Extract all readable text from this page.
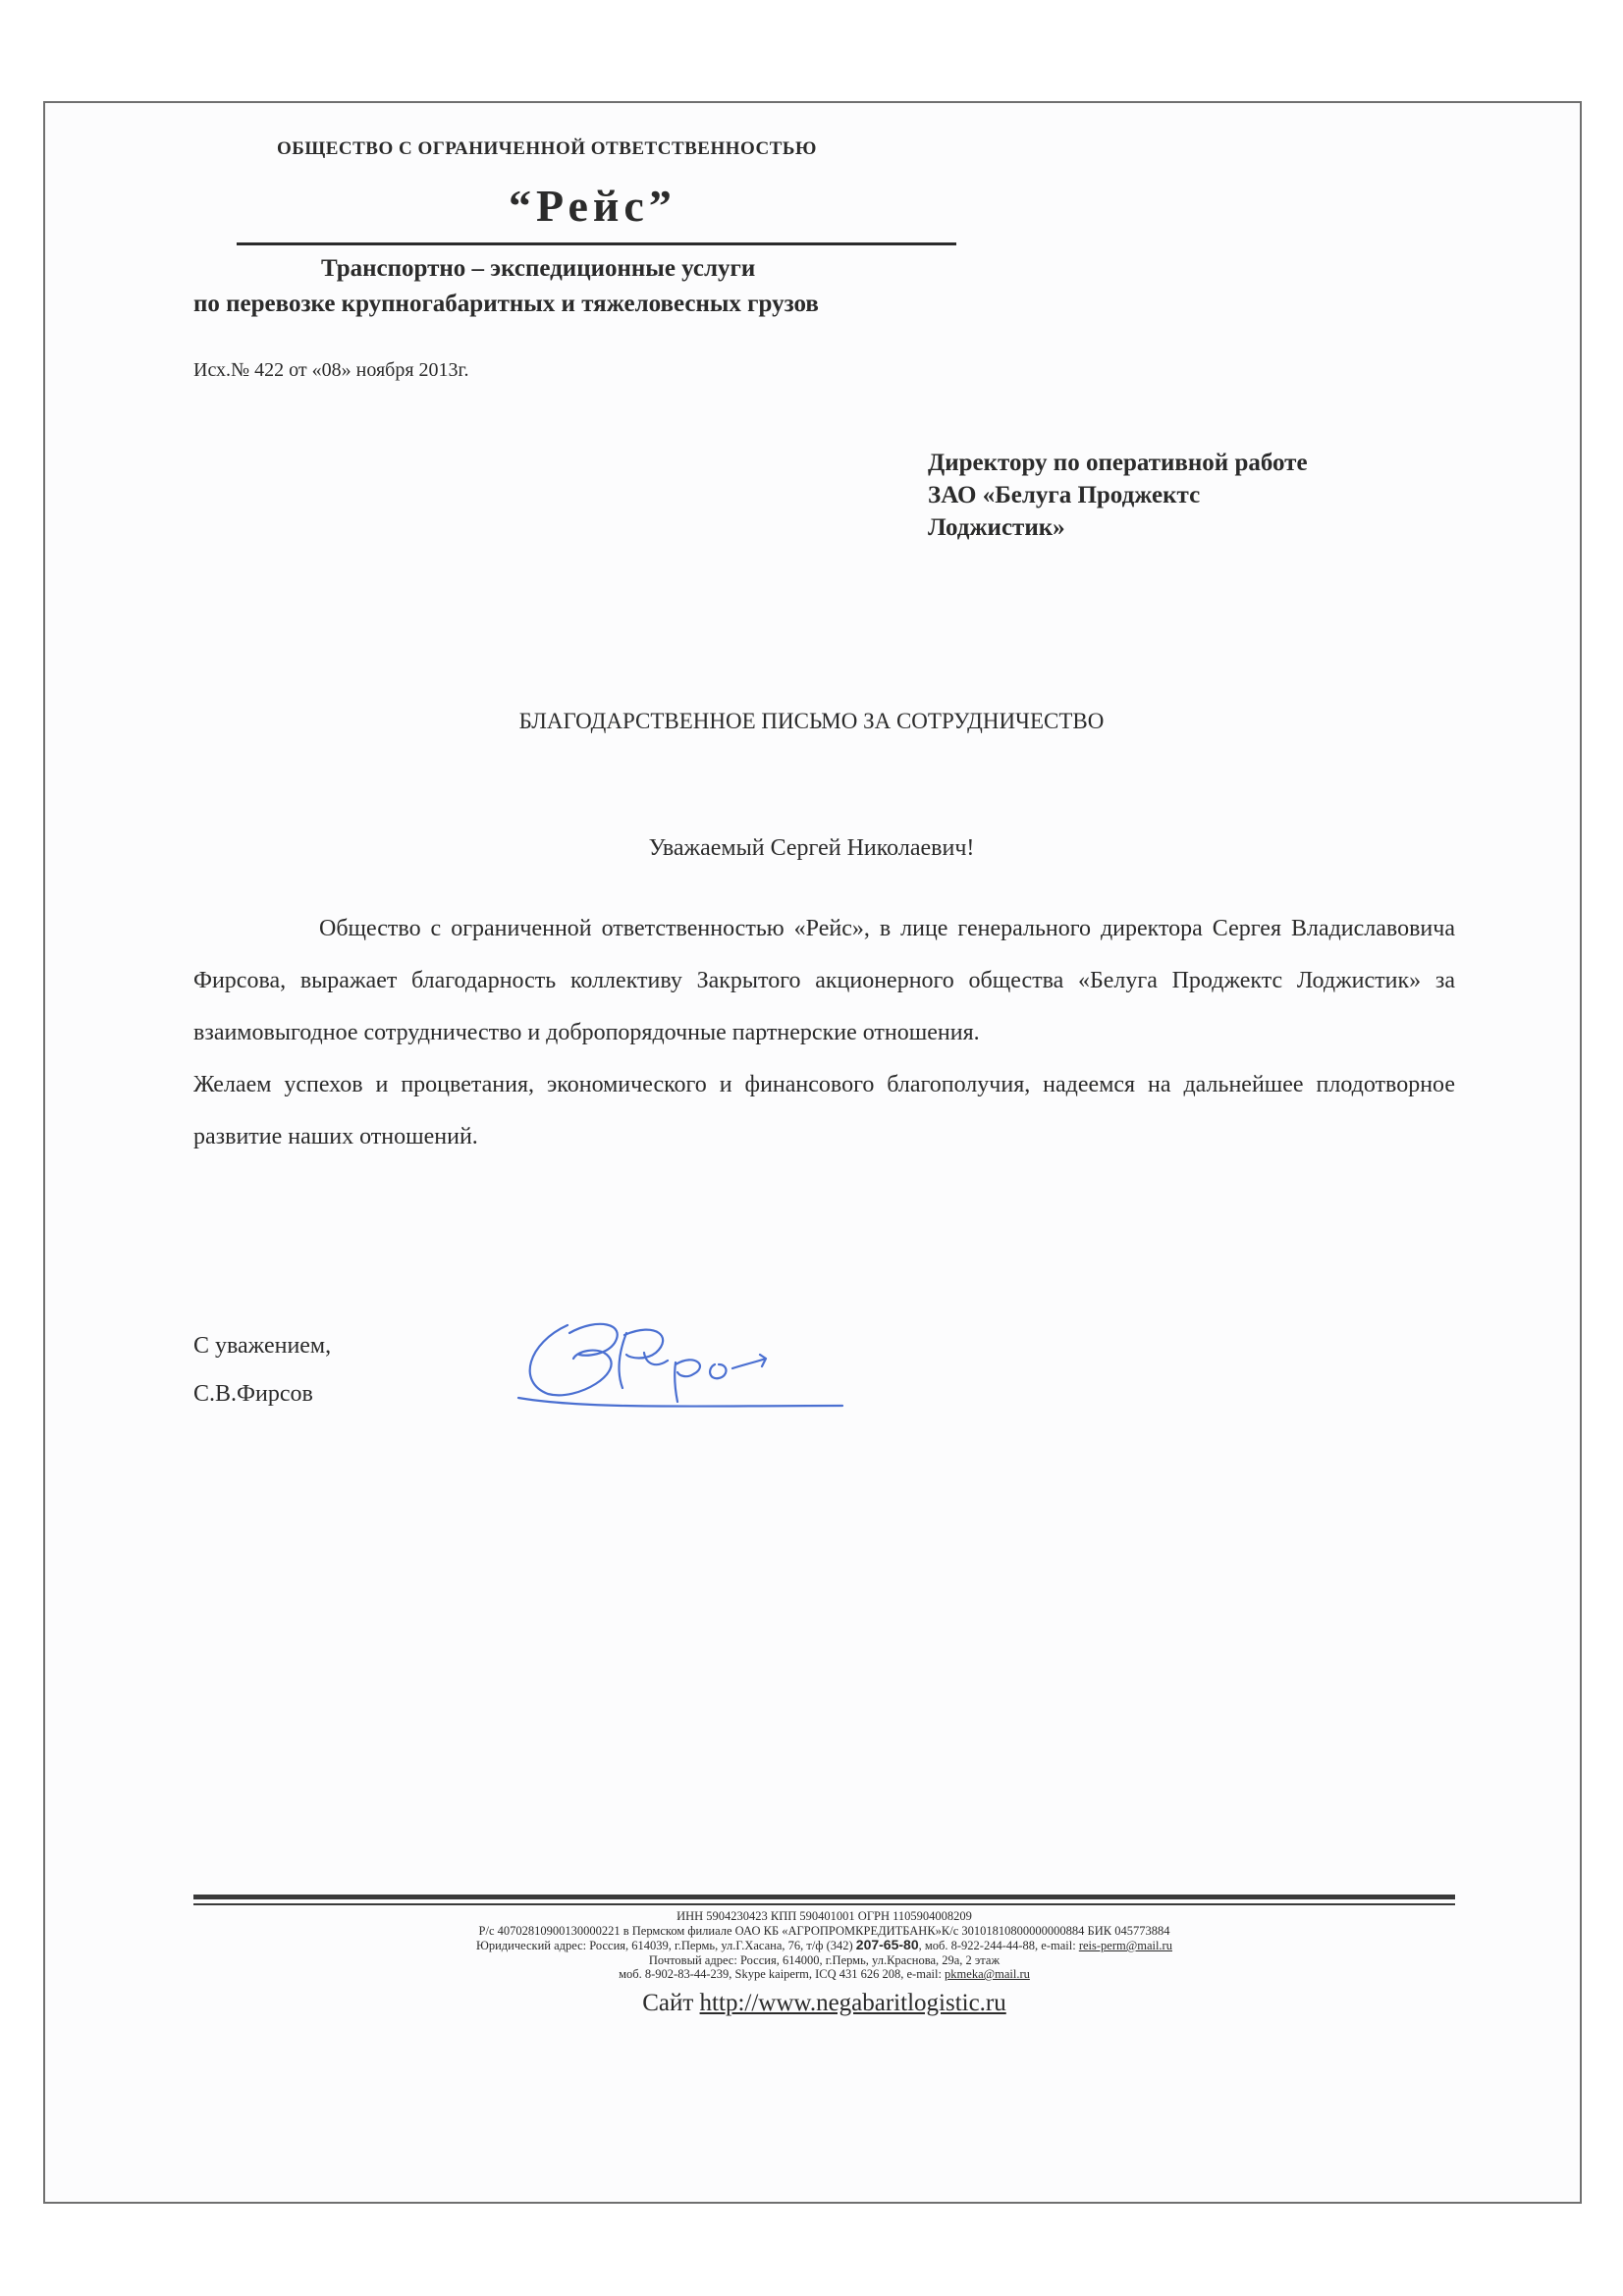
ОБЩЕСТВО С ОГРАНИЧЕННОЙ ОТВЕТСТВЕННОСТЬЮ
“Рейс”
Транспортно – экспедиционные услуги
по перевозке крупногабаритных и тяжеловесных грузов
Исх.№ 422 от «08» ноября 2013г.
Директору по оперативной работе
ЗАО «Белуга Проджектс
Лоджистик»
БЛАГОДАРСТВЕННОЕ ПИСЬМО ЗА СОТРУДНИЧЕСТВО
Уважаемый Сергей Николаевич!

Общество с ограниченной ответственностью «Рейс», в лице генерального директора Сергея Владиславовича Фирсова, выражает благодарность коллективу Закрытого акционерного общества «Белуга Проджектс Лоджистик» за взаимовыгодное сотрудничество и добропорядочные партнерские отношения.

Желаем успехов и процветания, экономического и финансового благополучия, надеемся на дальнейшее плодотворное развитие наших отношений.

С уважением,
С.В.Фирсов
ИНН 5904230423 КПП 590401001 ОГРН 1105904008209
Р/с 40702810900130000221 в Пермском филиале ОАО КБ «АГРОПРОМКРЕДИТБАНК»К/с 30101810800000000884 БИК 045773884
Юридический адрес: Россия, 614039, г.Пермь, ул.Г.Хасана, 76, т/ф (342) 207-65-80, моб. 8-922-244-44-88, e-mail: reis-perm@mail.ru
Почтовый адрес: Россия, 614000, г.Пермь, ул.Краснова, 29а, 2 этаж
моб. 8-902-83-44-239, Skype kaiperm, ICQ 431 626 208, e-mail: pkmeka@mail.ru
Сайт http://www.negabaritlogistic.ru
